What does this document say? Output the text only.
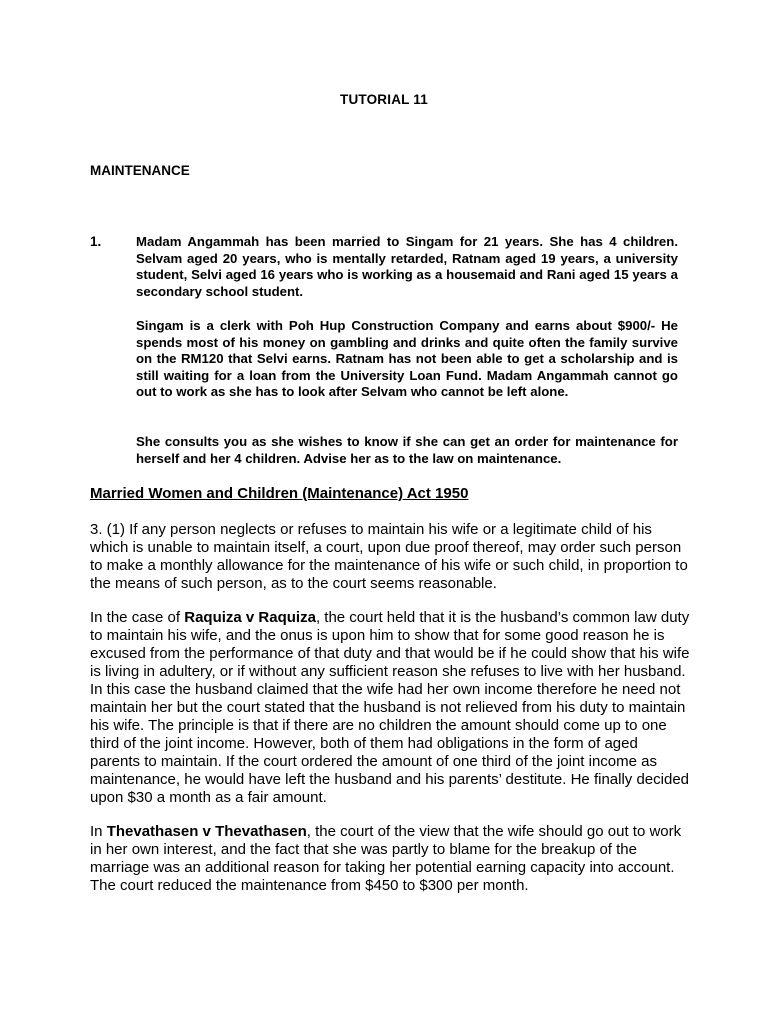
TUTORIAL 11
MAINTENANCE
1.	Madam Angammah has been married to Singam for 21 years. She has 4 children. Selvam aged 20 years, who is mentally retarded, Ratnam aged 19 years, a university student, Selvi aged 16 years who is working as a housemaid and Rani aged 15 years a secondary school student.
Singam is a clerk with Poh Hup Construction Company and earns about $900/- He spends most of his money on gambling and drinks and quite often the family survive on the RM120 that Selvi earns. Ratnam has not been able to get a scholarship and is still waiting for a loan from the University Loan Fund. Madam Angammah cannot go out to work as she has to look after Selvam who cannot be left alone.
She consults you as she wishes to know if she can get an order for maintenance for herself and her 4 children. Advise her as to the law on maintenance.
Married Women and Children (Maintenance) Act 1950
3. (1) If any person neglects or refuses to maintain his wife or a legitimate child of his which is unable to maintain itself, a court, upon due proof thereof, may order such person to make a monthly allowance for the maintenance of his wife or such child, in proportion to the means of such person, as to the court seems reasonable.
In the case of Raquiza v Raquiza, the court held that it is the husband’s common law duty to maintain his wife, and the onus is upon him to show that for some good reason he is excused from the performance of that duty and that would be if he could show that his wife is living in adultery, or if without any sufficient reason she refuses to live with her husband. In this case the husband claimed that the wife had her own income therefore he need not maintain her but the court stated that the husband is not relieved from his duty to maintain his wife. The principle is that if there are no children the amount should come up to one third of the joint income. However, both of them had obligations in the form of aged parents to maintain. If the court ordered the amount of one third of the joint income as maintenance, he would have left the husband and his parents’ destitute. He finally decided upon $30 a month as a fair amount.
In Thevathasen v Thevathasen, the court of the view that the wife should go out to work in her own interest, and the fact that she was partly to blame for the breakup of the marriage was an additional reason for taking her potential earning capacity into account. The court reduced the maintenance from $450 to $300 per month.
